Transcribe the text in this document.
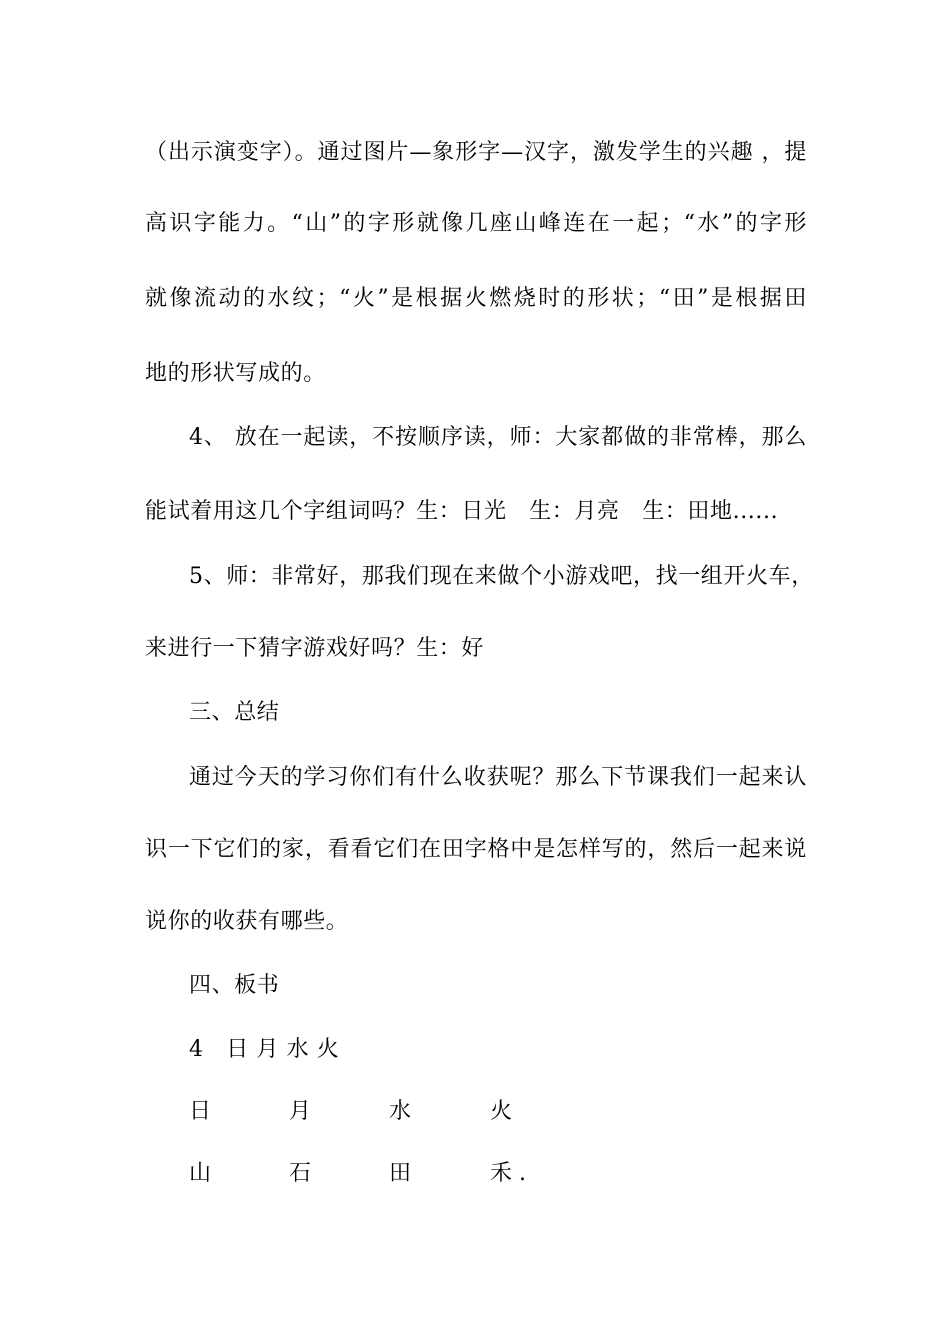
（出示演变字）。通过图片—象形字—汉字，激发学生的兴趣 ，提
高识字能力。“山”的字形就像几座山峰连在一起；“水”的字形
就像流动的水纹；“火”是根据火燃烧时的形状；“田”是根据田
地的形状写成的。
4、 放在一起读，不按顺序读，师：大家都做的非常棒，那么
能试着用这几个字组词吗？生：日光　生：月亮　生：田地......
5、师：非常好，那我们现在来做个小游戏吧，找一组开火车，
来进行一下猜字游戏好吗？生：好
三、总结
通过今天的学习你们有什么收获呢？那么下节课我们一起来认
识一下它们的家，看看它们在田字格中是怎样写的，然后一起来说
说你的收获有哪些。
四、板书
4　日 月 水 火
日	月	水	火
山	石	田	禾 .
